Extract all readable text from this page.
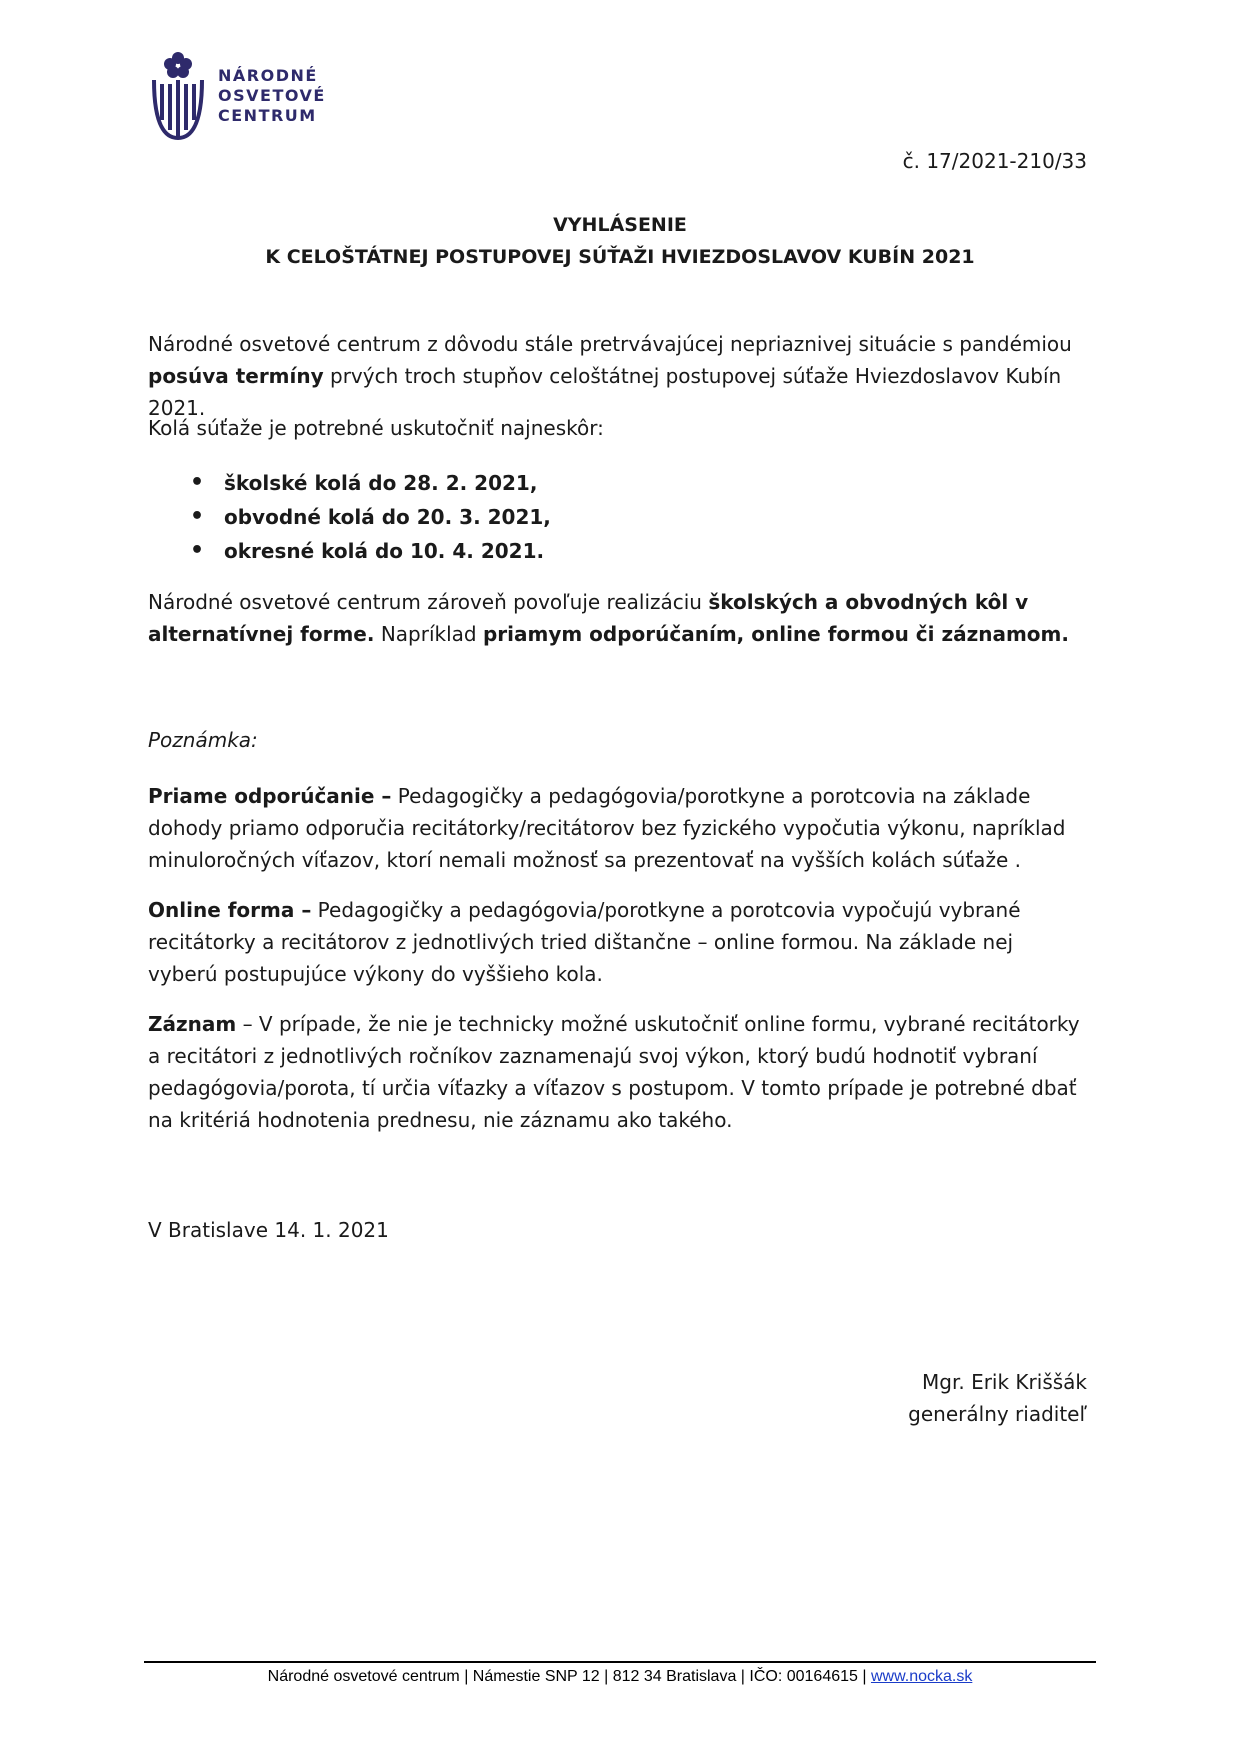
NÁRODNÉ
OSVETOVÉ
CENTRUM
č. 17/2021-210/33
VYHLÁSENIE
K CELOŠTÁTNEJ POSTUPOVEJ SÚŤAŽI HVIEZDOSLAVOV KUBÍN 2021
Národné osvetové centrum z dôvodu stále pretrvávajúcej nepriaznivej situácie s pandémiou posúva termíny prvých troch stupňov celoštátnej postupovej súťaže Hviezdoslavov Kubín 2021.
Kolá súťaže je potrebné uskutočniť najneskôr:
• školské kolá do 28. 2. 2021,
• obvodné kolá do 20. 3. 2021,
• okresné kolá do 10. 4. 2021.
Národné osvetové centrum zároveň povoľuje realizáciu školských a obvodných kôl v alternatívnej forme. Napríklad priamym odporúčaním, online formou či záznamom.
Poznámka:
Priame odporúčanie – Pedagogičky a pedagógovia/porotkyne a porotcovia na základe dohody priamo odporučia recitátorky/recitátorov bez fyzického vypočutia výkonu, napríklad minuloročných víťazov, ktorí nemali možnosť sa prezentovať na vyšších kolách súťaže .
Online forma – Pedagogičky a pedagógovia/porotkyne a porotcovia vypočujú vybrané recitátorky a recitátorov z jednotlivých tried dištančne – online formou. Na základe nej vyberú postupujúce výkony do vyššieho kola.
Záznam – V prípade, že nie je technicky možné uskutočniť online formu, vybrané recitátorky a recitátori z jednotlivých ročníkov zaznamenajú svoj výkon, ktorý budú hodnotiť vybraní pedagógovia/porota, tí určia víťazky a víťazov s postupom. V tomto prípade je potrebné dbať na kritériá hodnotenia prednesu, nie záznamu ako takého.
V Bratislave 14. 1. 2021
Mgr. Erik Kriššák
generálny riaditeľ
Národné osvetové centrum | Námestie SNP 12 | 812 34 Bratislava | IČO: 00164615 | www.nocka.sk
